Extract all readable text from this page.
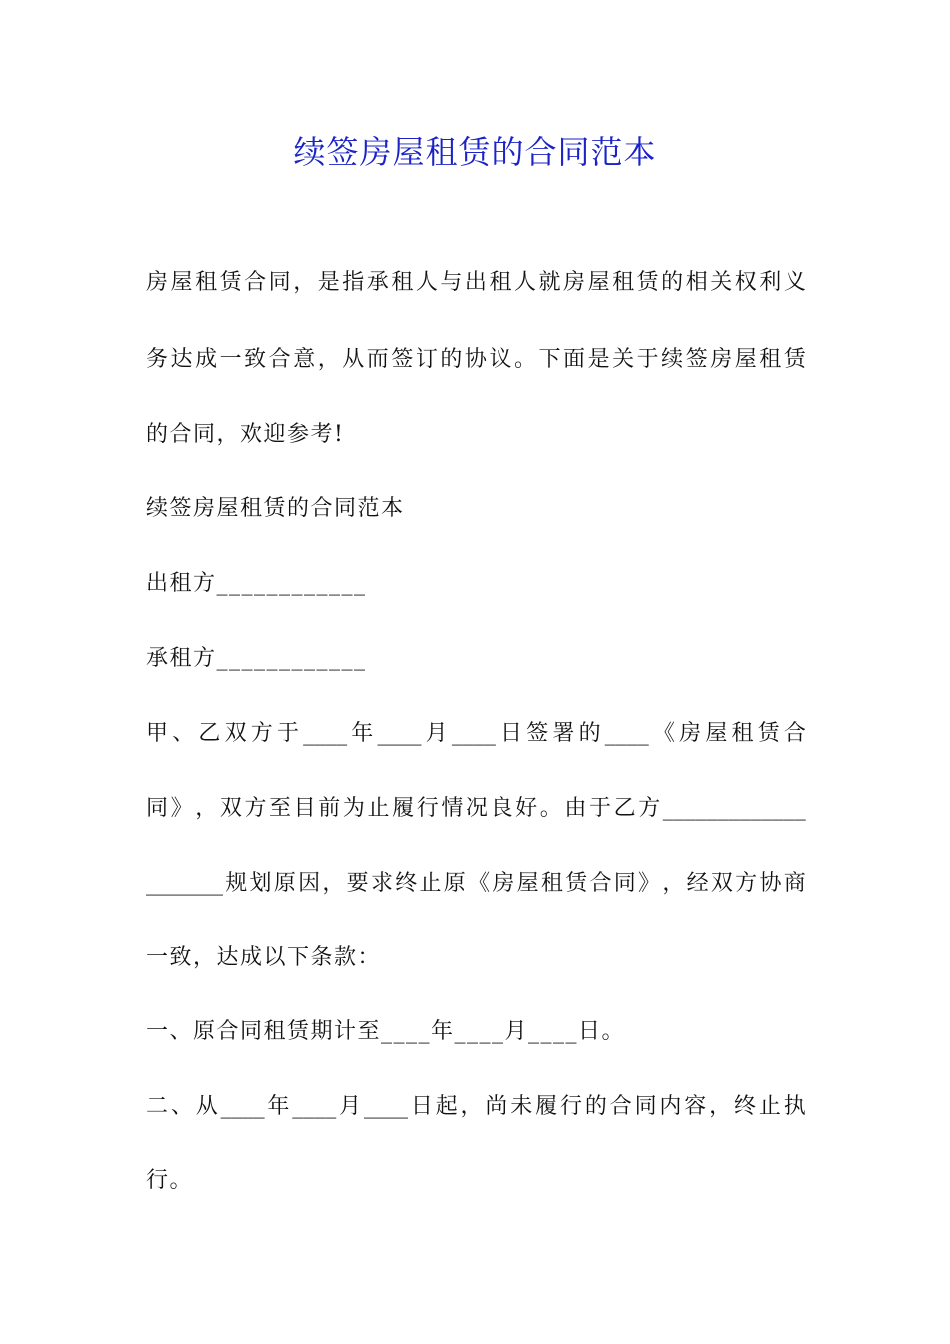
续签房屋租赁的合同范本
房 屋 租 赁 合 同 ， 是 指 承 租 人 与 出 租 人 就 房 屋 租 赁 的 相 关 权 利 义
务 达 成 一 致 合 意 ， 从 而 签 订 的 协 议 。 下 面 是 关 于 续 签 房 屋 租 赁
的合同，欢迎参考!
续签房屋租赁的合同范本
出租方____________
承租方____________
甲 、 乙 双 方 于 ____ 年 ____ 月 ____ 日 签 署 的 ____ 《 房 屋 租 赁 合
同 》 ， 双 方 至 目 前 为 止 履 行 情 况 良 好 。 由 于 乙 方 _____________
_______ 规 划 原 因 ， 要 求 终 止 原 《 房 屋 租 赁 合 同 》 ， 经 双 方 协 商
一致，达成以下条款：
一、原合同租赁期计至____年____月____日。
二 、 从 ____ 年 ____ 月 ____ 日 起 ， 尚 未 履 行 的 合 同 内 容 ， 终 止 执
行。
